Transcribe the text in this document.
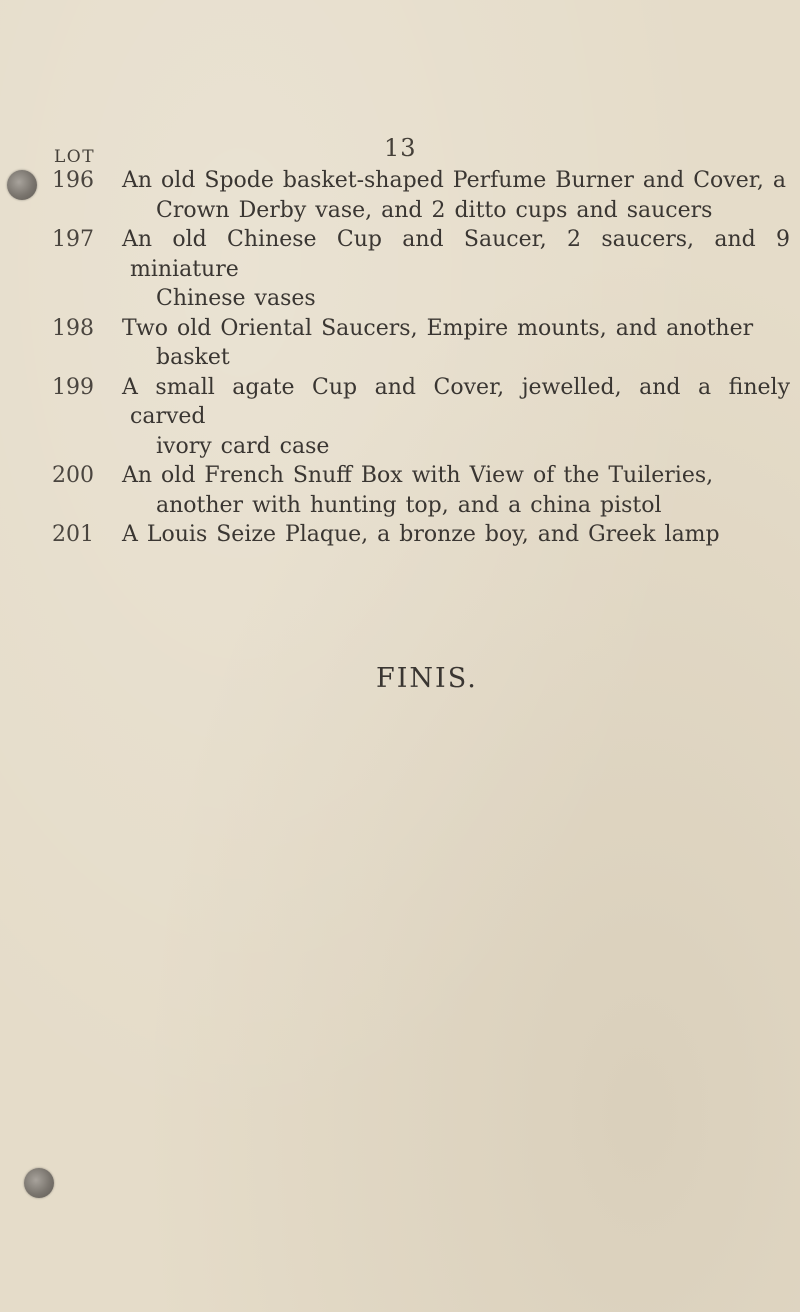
13
LOT
196 An old Spode basket-shaped Perfume Burner and Cover, a
Crown Derby vase, and 2 ditto cups and saucers
197 An old Chinese Cup and Saucer, 2 saucers, and 9 miniature
Chinese vases
198 Two old Oriental Saucers, Empire mounts, and another
basket
199 A small agate Cup and Cover, jewelled, and a finely carved
ivory card case
200 An old French Snuff Box with View of the Tuileries,
another with hunting top, and a china pistol
201 A Louis Seize Plaque, a bronze boy, and Greek lamp
FINIS.
